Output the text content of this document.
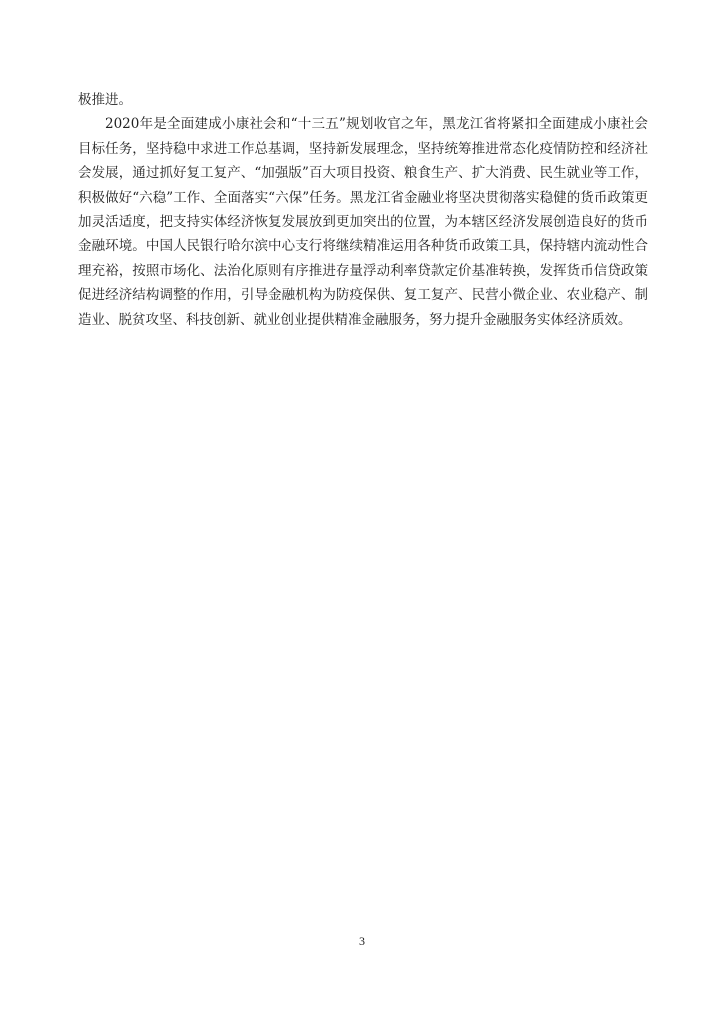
极推进。

2020年是全面建成小康社会和“十三五”规划收官之年，黑龙江省将紧扣全面建成小康社会目标任务，坚持稳中求进工作总基调，坚持新发展理念，坚持统筹推进常态化疫情防控和经济社会发展，通过抓好复工复产、“加强版”百大项目投资、粮食生产、扩大消费、民生就业等工作，积极做好“六稳”工作、全面落实“六保”任务。黑龙江省金融业将坚决贯彻落实稳健的货币政策更加灵活适度，把支持实体经济恢复发展放到更加突出的位置，为本辖区经济发展创造良好的货币金融环境。中国人民银行哈尔滨中心支行将继续精准运用各种货币政策工具，保持辖内流动性合理充裕，按照市场化、法治化原则有序推进存量浮动利率贷款定价基准转换，发挥货币信贷政策促进经济结构调整的作用，引导金融机构为防疫保供、复工复产、民营小微企业、农业稳产、制造业、脱贫攻坚、科技创新、就业创业提供精准金融服务，努力提升金融服务实体经济质效。

3
